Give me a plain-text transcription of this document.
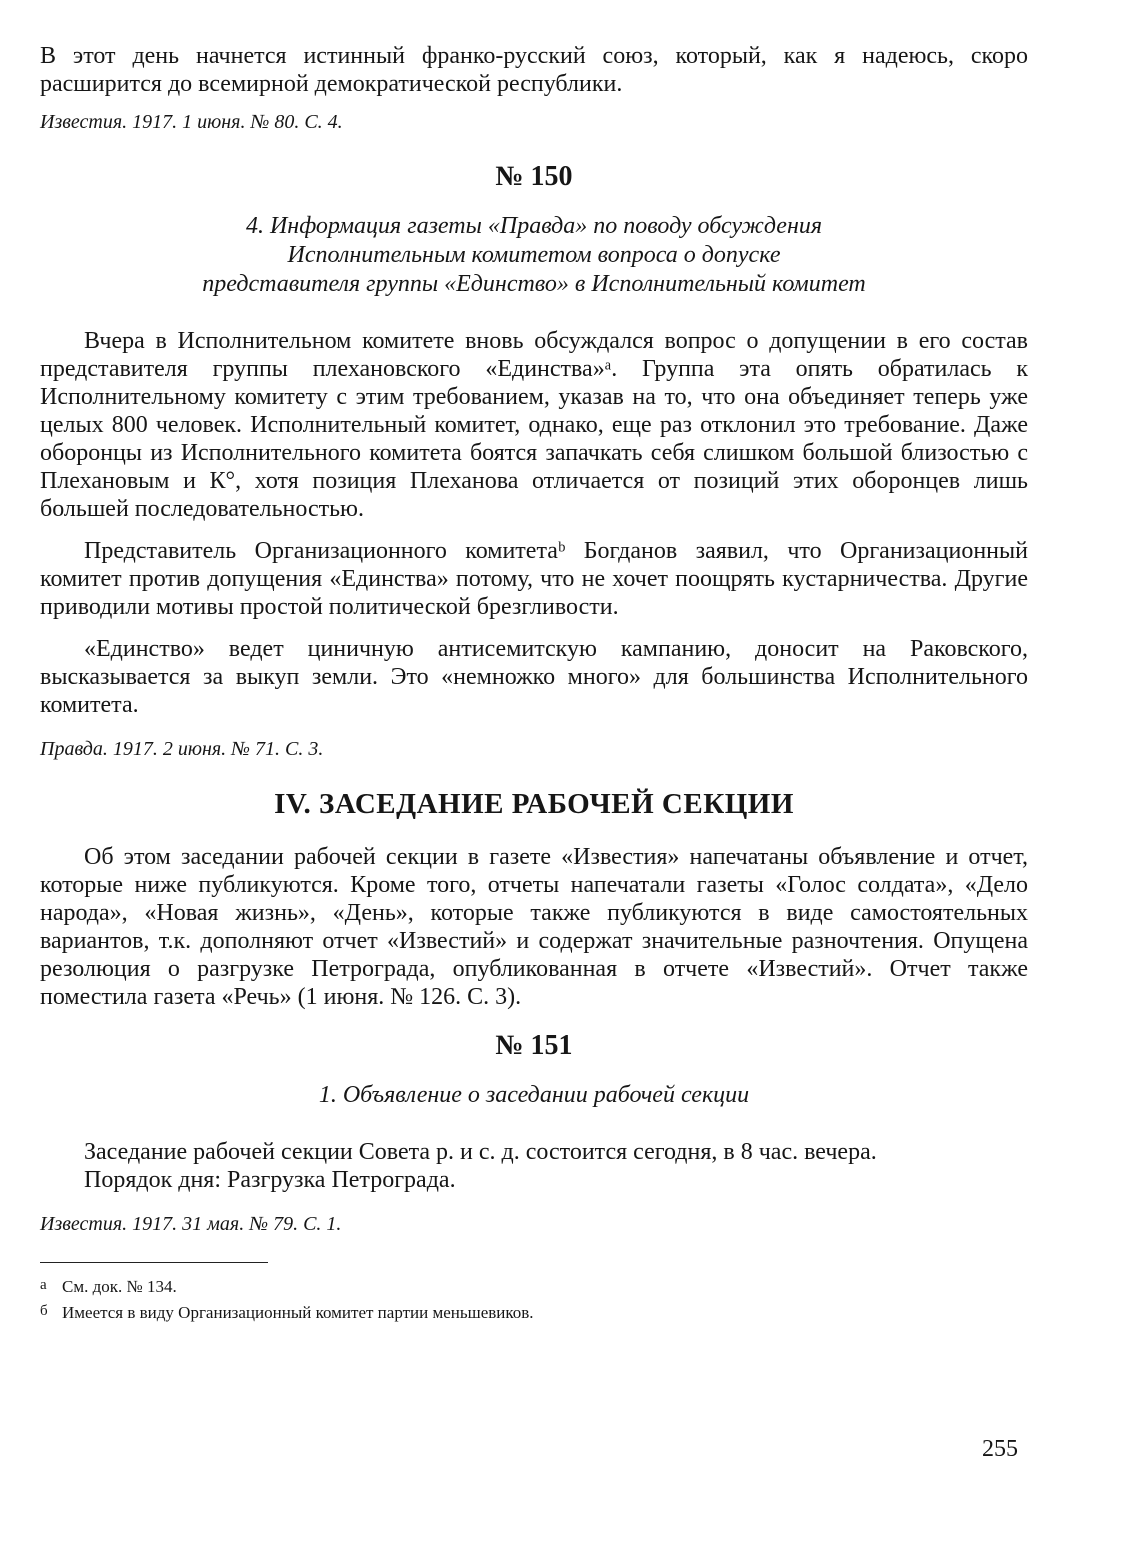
В этот день начнется истинный франко-русский союз, который, как я надеюсь, скоро расширится до всемирной демократической республики.

Известия. 1917. 1 июня. № 80. С. 4.

№ 150
4. Информация газеты «Правда» по поводу обсуждения
Исполнительным комитетом вопроса о допуске
представителя группы «Единство» в Исполнительный комитет

Вчера в Исполнительном комитете вновь обсуждался вопрос о допущении в его состав представителя группы плехановского «Единства»ᵃ. Группа эта опять обратилась к Исполнительному комитету с этим требованием, указав на то, что она объединяет теперь уже целых 800 человек. Исполнительный комитет, однако, еще раз отклонил это требование. Даже оборонцы из Исполнительного комитета боятся запачкать себя слишком большой близостью с Плехановым и К°, хотя позиция Плеханова отличается от позиций этих оборонцев лишь большей последовательностью.

Представитель Организационного комитетаᵇ Богданов заявил, что Организационный комитет против допущения «Единства» потому, что не хочет поощрять кустарничества. Другие приводили мотивы простой политической брезгливости.

«Единство» ведет циничную антисемитскую кампанию, доносит на Раковского, высказывается за выкуп земли. Это «немножко много» для большинства Исполнительного комитета.

Правда. 1917. 2 июня. № 71. С. 3.

IV. ЗАСЕДАНИЕ РАБОЧЕЙ СЕКЦИИ

Об этом заседании рабочей секции в газете «Известия» напечатаны объявление и отчет, которые ниже публикуются. Кроме того, отчеты напечатали газеты «Голос солдата», «Дело народа», «Новая жизнь», «День», которые также публикуются в виде самостоятельных вариантов, т.к. дополняют отчет «Известий» и содержат значительные разночтения. Опущена резолюция о разгрузке Петрограда, опубликованная в отчете «Известий». Отчет также поместила газета «Речь» (1 июня. № 126. С. 3).

№ 151
1. Объявление о заседании рабочей секции

Заседание рабочей секции Совета р. и с. д. состоится сегодня, в 8 час. вечера.

Порядок дня: Разгрузка Петрограда.

Известия. 1917. 31 мая. № 79. С. 1.

а См. док. № 134.

б Имеется в виду Организационный комитет партии меньшевиков.

255
